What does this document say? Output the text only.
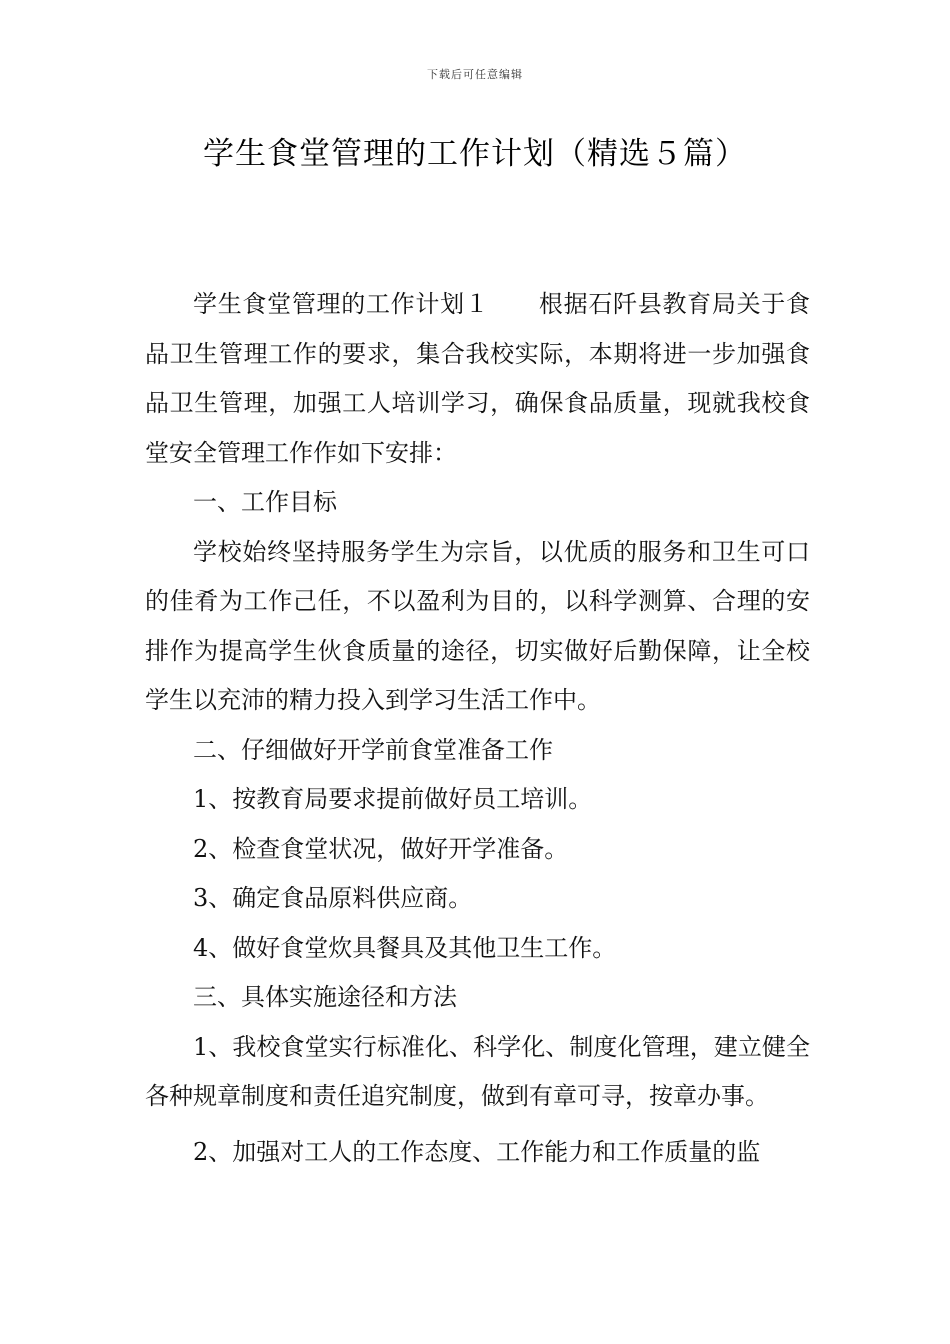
下载后可任意编辑
学生食堂管理的工作计划（精选５篇）

学生食堂管理的工作计划１　　根据石阡县教育局关于食品卫生管理工作的要求，集合我校实际，本期将进一步加强食品卫生管理，加强工人培训学习，确保食品质量，现就我校食堂安全管理工作作如下安排：

一、工作目标

学校始终坚持服务学生为宗旨，以优质的服务和卫生可口的佳肴为工作己任，不以盈利为目的，以科学测算、合理的安排作为提高学生伙食质量的途径，切实做好后勤保障，让全校学生以充沛的精力投入到学习生活工作中。

二、仔细做好开学前食堂准备工作

1、按教育局要求提前做好员工培训。

2、检查食堂状况，做好开学准备。

3、确定食品原料供应商。

4、做好食堂炊具餐具及其他卫生工作。

三、具体实施途径和方法

1、我校食堂实行标准化、科学化、制度化管理，建立健全各种规章制度和责任追究制度，做到有章可寻，按章办事。

2、加强对工人的工作态度、工作能力和工作质量的监
